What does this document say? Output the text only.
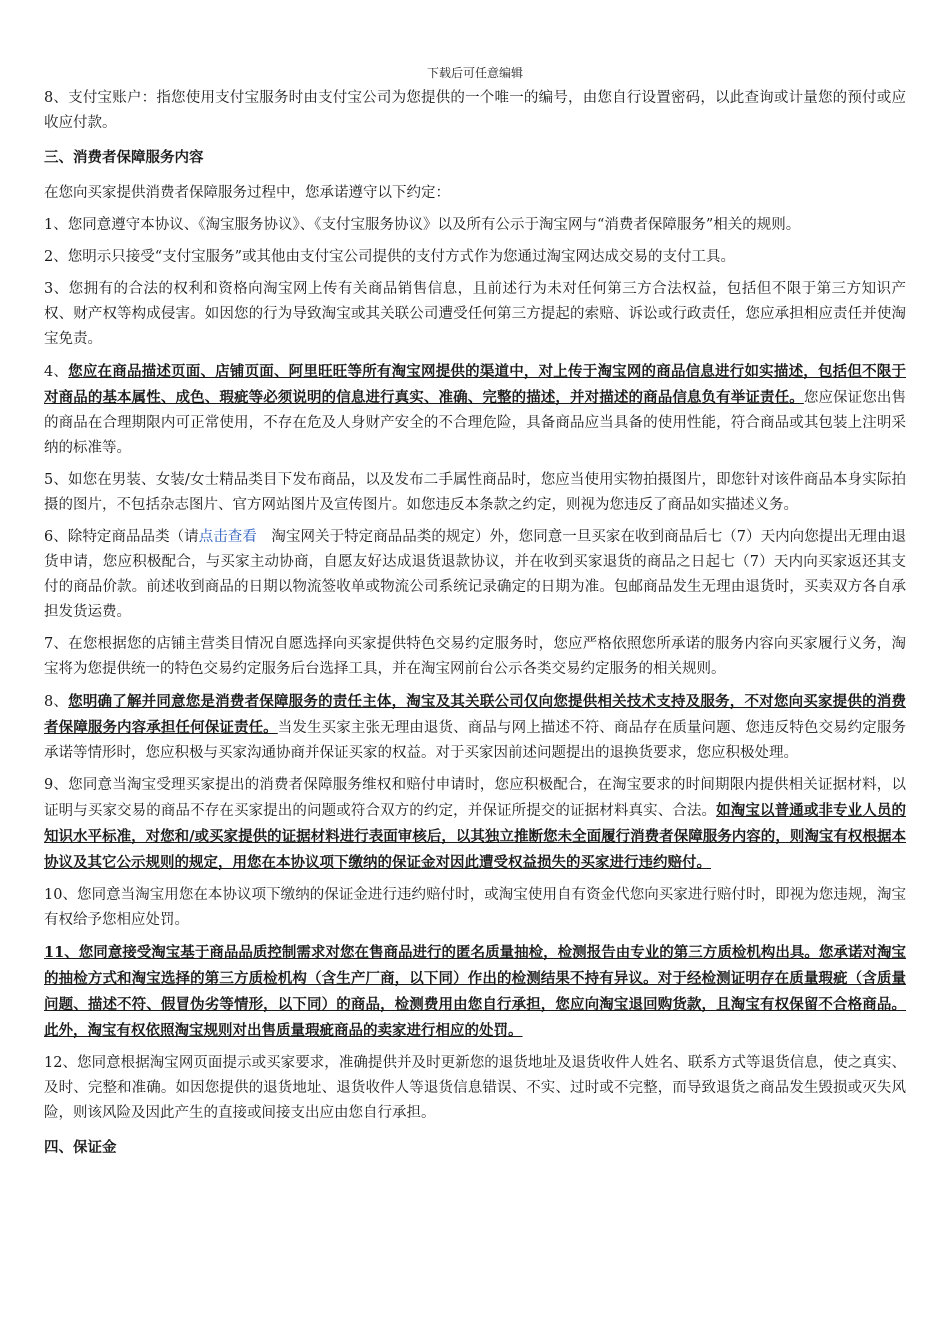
下载后可任意编辑

8、支付宝账户：指您使用支付宝服务时由支付宝公司为您提供的一个唯一的编号，由您自行设置密码，以此查询或计量您的预付或应收应付款。

三、消费者保障服务内容

在您向买家提供消费者保障服务过程中，您承诺遵守以下约定：

1、您同意遵守本协议、《淘宝服务协议》、《支付宝服务协议》以及所有公示于淘宝网与“消费者保障服务”相关的规则。

2、您明示只接受“支付宝服务”或其他由支付宝公司提供的支付方式作为您通过淘宝网达成交易的支付工具。

3、您拥有的合法的权利和资格向淘宝网上传有关商品销售信息，且前述行为未对任何第三方合法权益，包括但不限于第三方知识产权、财产权等构成侵害。如因您的行为导致淘宝或其关联公司遭受任何第三方提起的索赔、诉讼或行政责任，您应承担相应责任并使淘宝免责。

4、您应在商品描述页面、店铺页面、阿里旺旺等所有淘宝网提供的渠道中，对上传于淘宝网的商品信息进行如实描述，包括但不限于对商品的基本属性、成色、瑕疵等必须说明的信息进行真实、准确、完整的描述，并对描述的商品信息负有举证责任。您应保证您出售的商品在合理期限内可正常使用，不存在危及人身财产安全的不合理危险，具备商品应当具备的使用性能，符合商品或其包装上注明采纳的标准等。

5、如您在男装、女装/女士精品类目下发布商品，以及发布二手属性商品时，您应当使用实物拍摄图片，即您针对该件商品本身实际拍摄的图片，不包括杂志图片、官方网站图片及宣传图片。如您违反本条款之约定，则视为您违反了商品如实描述义务。

6、除特定商品品类（请点击查看　淘宝网关于特定商品品类的规定）外，您同意一旦买家在收到商品后七（7）天内向您提出无理由退货申请，您应积极配合，与买家主动协商，自愿友好达成退货退款协议，并在收到买家退货的商品之日起七（7）天内向买家返还其支付的商品价款。前述收到商品的日期以物流签收单或物流公司系统记录确定的日期为准。包邮商品发生无理由退货时，买卖双方各自承担发货运费。

7、在您根据您的店铺主营类目情况自愿选择向买家提供特色交易约定服务时，您应严格依照您所承诺的服务内容向买家履行义务，淘宝将为您提供统一的特色交易约定服务后台选择工具，并在淘宝网前台公示各类交易约定服务的相关规则。

8、您明确了解并同意您是消费者保障服务的责任主体，淘宝及其关联公司仅向您提供相关技术支持及服务，不对您向买家提供的消费者保障服务内容承担任何保证责任。当发生买家主张无理由退货、商品与网上描述不符、商品存在质量问题、您违反特色交易约定服务承诺等情形时，您应积极与买家沟通协商并保证买家的权益。对于买家因前述问题提出的退换货要求，您应积极处理。

9、您同意当淘宝受理买家提出的消费者保障服务维权和赔付申请时，您应积极配合，在淘宝要求的时间期限内提供相关证据材料，以证明与买家交易的商品不存在买家提出的问题或符合双方的约定，并保证所提交的证据材料真实、合法。如淘宝以普通或非专业人员的知识水平标准，对您和/或买家提供的证据材料进行表面审核后，以其独立推断您未全面履行消费者保障服务内容的，则淘宝有权根据本协议及其它公示规则的规定，用您在本协议项下缴纳的保证金对因此遭受权益损失的买家进行违约赔付。

10、您同意当淘宝用您在本协议项下缴纳的保证金进行违约赔付时，或淘宝使用自有资金代您向买家进行赔付时，即视为您违规，淘宝有权给予您相应处罚。

11、您同意接受淘宝基于商品品质控制需求对您在售商品进行的匿名质量抽检，检测报告由专业的第三方质检机构出具。您承诺对淘宝的抽检方式和淘宝选择的第三方质检机构（含生产厂商，以下同）作出的检测结果不持有异议。对于经检测证明存在质量瑕疵（含质量问题、描述不符、假冒伪劣等情形，以下同）的商品，检测费用由您自行承担，您应向淘宝退回购货款，且淘宝有权保留不合格商品。此外，淘宝有权依照淘宝规则对出售质量瑕疵商品的卖家进行相应的处罚。

12、您同意根据淘宝网页面提示或买家要求，准确提供并及时更新您的退货地址及退货收件人姓名、联系方式等退货信息，使之真实、及时、完整和准确。如因您提供的退货地址、退货收件人等退货信息错误、不实、过时或不完整，而导致退货之商品发生毁损或灭失风险，则该风险及因此产生的直接或间接支出应由您自行承担。

四、保证金
